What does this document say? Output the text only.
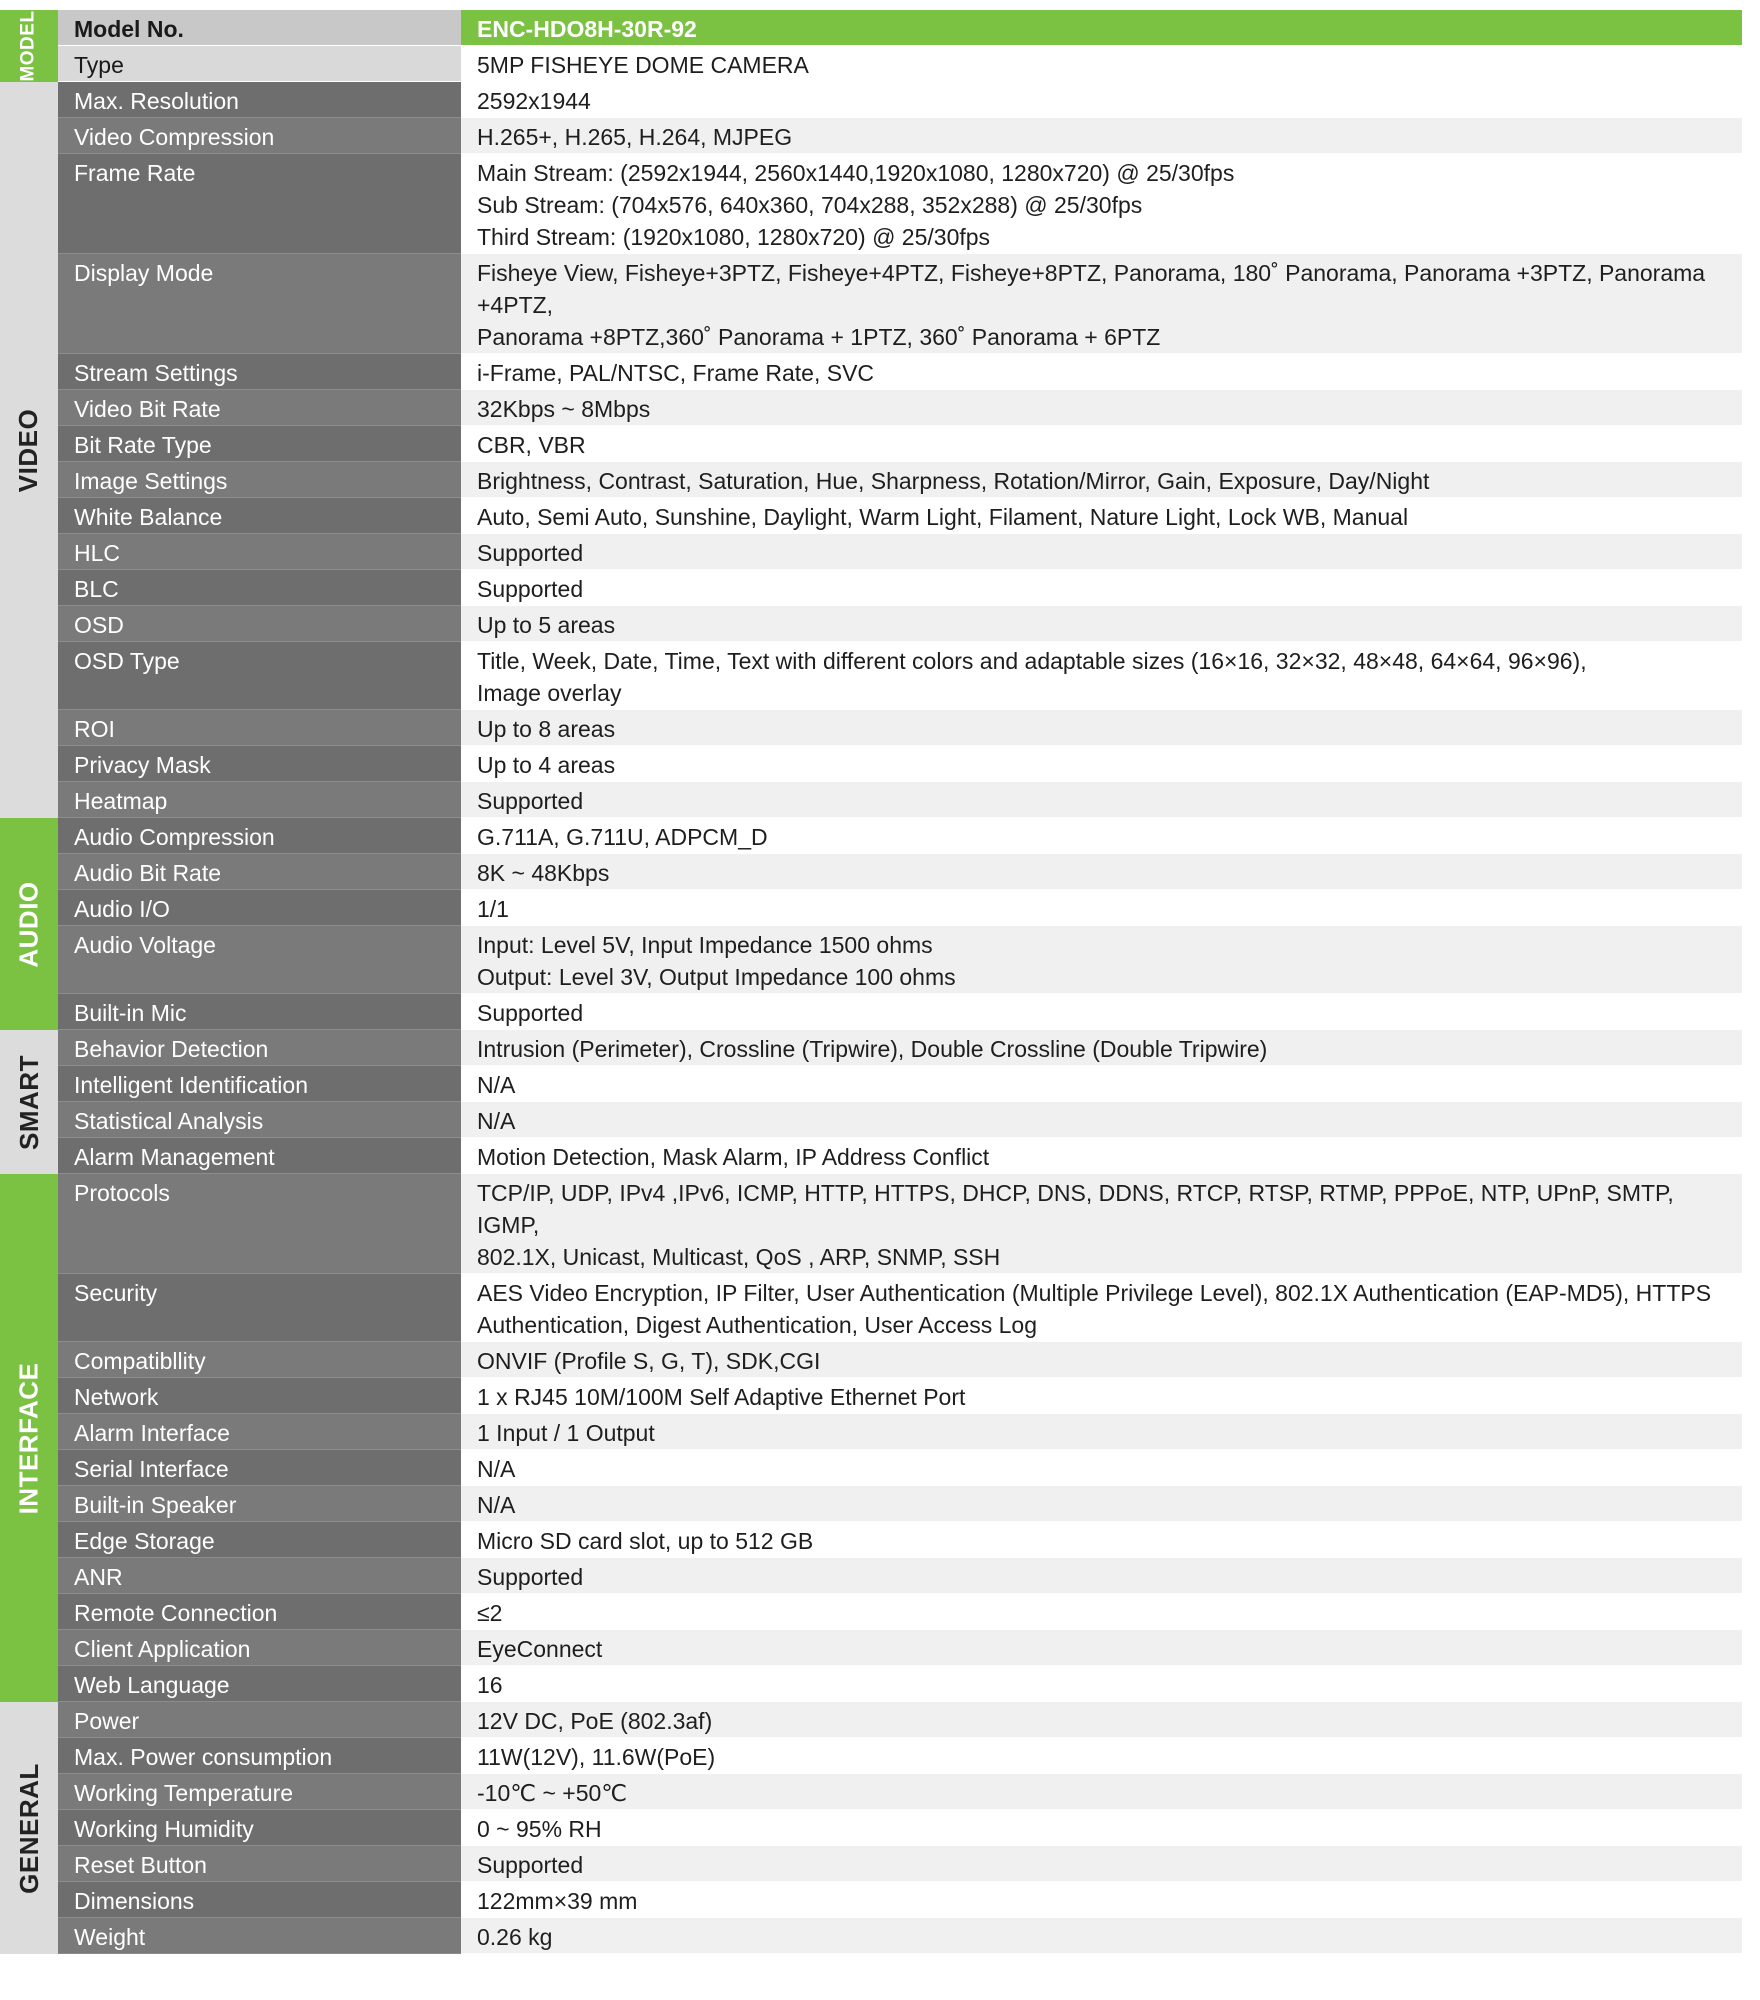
MODEL	Model No.	ENC-HDO8H-30R-92
Type	5MP FISHEYE DOME CAMERA
VIDEO
Max. Resolution	2592x1944
Video Compression	H.265+, H.265, H.264, MJPEG
Frame Rate	Main Stream: (2592x1944, 2560x1440,1920x1080, 1280x720) @ 25/30fps
Sub Stream: (704x576, 640x360, 704x288, 352x288) @ 25/30fps
Third Stream: (1920x1080, 1280x720) @ 25/30fps
Display Mode	Fisheye View, Fisheye+3PTZ, Fisheye+4PTZ, Fisheye+8PTZ, Panorama, 180˚ Panorama, Panorama +3PTZ, Panorama +4PTZ,
Panorama +8PTZ,360˚ Panorama + 1PTZ, 360˚ Panorama + 6PTZ
Stream Settings	i-Frame, PAL/NTSC, Frame Rate, SVC
Video Bit Rate	32Kbps ~ 8Mbps
Bit Rate Type	CBR, VBR
Image Settings	Brightness, Contrast, Saturation, Hue, Sharpness, Rotation/Mirror, Gain, Exposure, Day/Night
White Balance	Auto, Semi Auto, Sunshine, Daylight, Warm Light, Filament, Nature Light, Lock WB, Manual
HLC	Supported
BLC	Supported
OSD	Up to 5 areas
OSD Type	Title, Week, Date, Time, Text with different colors and adaptable sizes (16×16, 32×32, 48×48, 64×64, 96×96),
Image overlay
ROI	Up to 8 areas
Privacy Mask	Up to 4 areas
Heatmap	Supported
AUDIO
Audio Compression	G.711A, G.711U, ADPCM_D
Audio Bit Rate	8K ~ 48Kbps
Audio I/O	1/1
Audio Voltage	Input: Level 5V, Input Impedance 1500 ohms
Output: Level 3V, Output Impedance 100 ohms
Built-in Mic	Supported
SMART
Behavior Detection	Intrusion (Perimeter), Crossline (Tripwire), Double Crossline (Double Tripwire)
Intelligent Identification	N/A
Statistical Analysis	N/A
Alarm Management	Motion Detection, Mask Alarm, IP Address Conflict
INTERFACE
Protocols	TCP/IP, UDP, IPv4 ,IPv6, ICMP, HTTP, HTTPS, DHCP, DNS, DDNS, RTCP, RTSP, RTMP, PPPoE, NTP, UPnP, SMTP, IGMP,
802.1X, Unicast, Multicast, QoS , ARP, SNMP, SSH
Security	AES Video Encryption, IP Filter, User Authentication (Multiple Privilege Level), 802.1X Authentication (EAP-MD5), HTTPS
Authentication, Digest Authentication, User Access Log
Compatibllity	ONVIF (Profile S, G, T), SDK,CGI
Network	1 x RJ45 10M/100M Self Adaptive Ethernet Port
Alarm Interface	1 Input / 1 Output
Serial Interface	N/A
Built-in Speaker	N/A
Edge Storage	Micro SD card slot, up to 512 GB
ANR	Supported
Remote Connection	≤2
Client Application	EyeConnect
Web Language	16
GENERAL
Power	12V DC, PoE (802.3af)
Max. Power consumption	11W(12V), 11.6W(PoE)
Working Temperature	-10℃ ~ +50℃
Working Humidity	0 ~ 95% RH
Reset Button	Supported
Dimensions	122mm×39 mm
Weight	0.26 kg
